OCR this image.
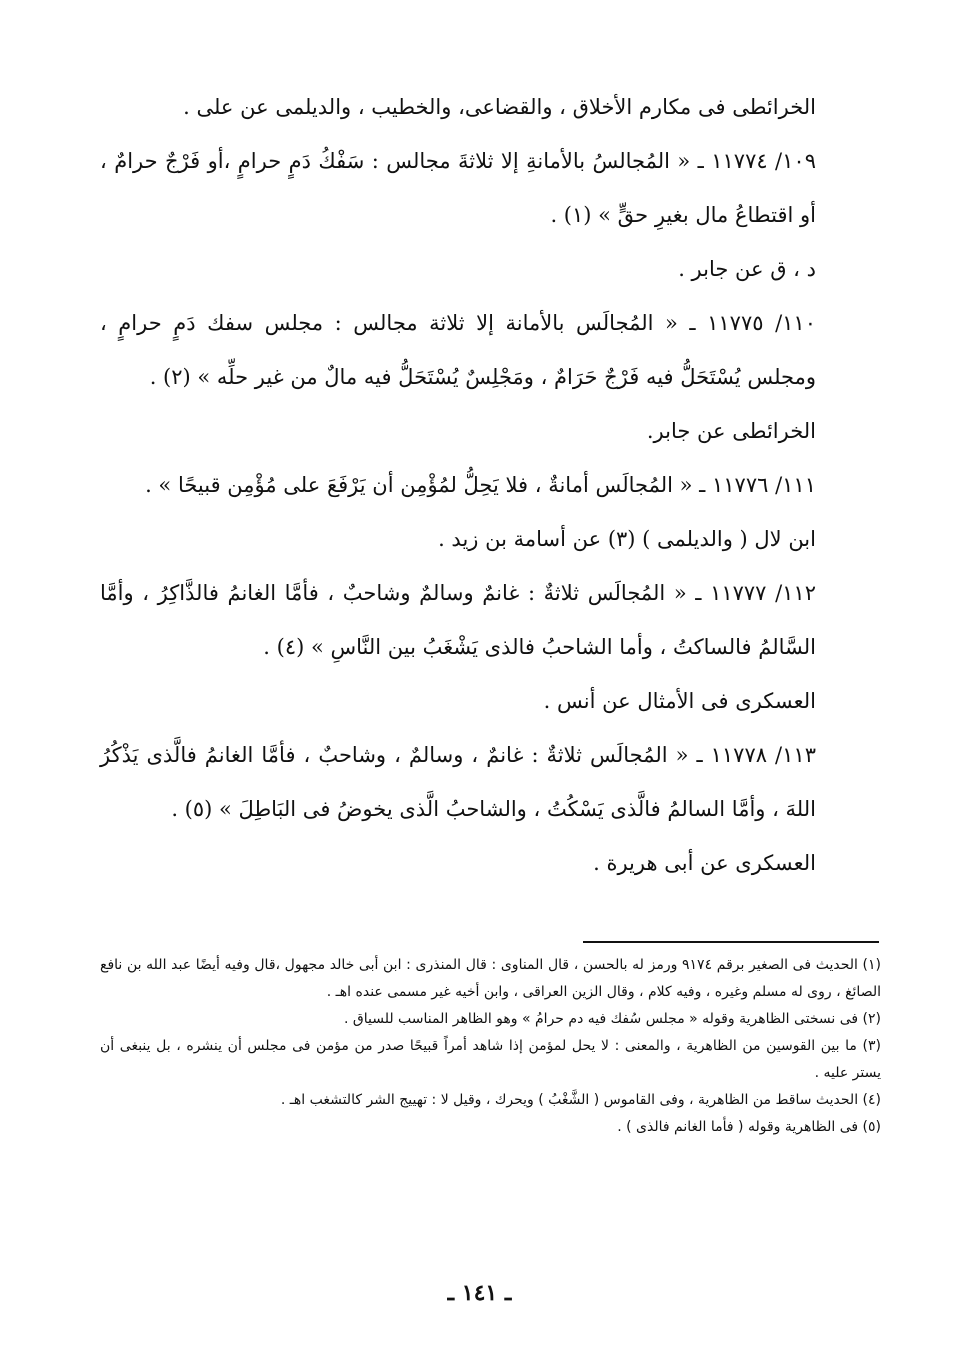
الخرائطى فى مكارم الأخلاق ، والقضاعى، والخطيب ، والديلمى عن على .

١٠٩/ ١١٧٧٤ ـ « المُجالسُ بالأمانةِ إلا ثلاثةَ مجالس : سَفْكُ دَمٍ حرامٍ ،أو فَرْجٌ حرامٌ ، أو اقتطاعُ مال بغيرِ حقٍّ » (١) .

د ، ق عن جابر .

١١٠/ ١١٧٧٥ ـ « المُجالَس بالأمانة إلا ثلاثة مجالس : مجلس سفك دَمٍ حرامٍ ، ومجلس يُسْتَحَلُّ فيه فَرْجٌ حَرَامٌ ، ومَجْلِسٌ يُسْتَحَلُّ فيه مالٌ من غير حلِّه » (٢) .

الخرائطى عن جابر.

١١١/ ١١٧٧٦ ـ « المُجالَس أمانةٌ ، فلا يَحِلُّ لمُؤْمِن أن يَرْفَعَ على مُؤْمِن قبيحًا » .

ابن لال ( والديلمى ) (٣) عن أسامة بن زيد .

١١٢/ ١١٧٧٧ ـ « المُجالَس ثلاثةٌ : غانمٌ وسالمٌ وشاحبٌ ، فأمَّا الغانمُ فالذَّاكِرُ ، وأمَّا السَّالمُ فالساكتُ ، وأما الشاحبُ فالذى يَشْغَبُ بين النَّاسِ » (٤) .

العسكرى فى الأمثال عن أنس .

١١٣/ ١١٧٧٨ ـ « المُجالَس ثلاثةٌ : غانمٌ ، وسالمٌ ، وشاحبٌ ، فأمَّا الغانمُ فالَّذى يَذْكُرُ اللهَ ، وأمَّا السالمُ فالَّذى يَسْكُتُ ، والشاحبُ الَّذى يخوضُ فى البَاطِلَ » (٥) .

العسكرى عن أبى هريرة .

(١) الحديث فى الصغير برقم ٩١٧٤ ورمز له بالحسن ، قال المناوى : قال المنذرى : ابن أبى خالد مجهول ،قال وفيه أيضًا عبد الله بن نافع الصائغ ، روى له مسلم وغيره ، وفيه كلام ، وقال الزين العراقى ، وابن أخيه غير مسمى عنده اهـ .

(٢) فى نسختى الظاهرية وقوله « مجلس سُفك فيه دم حرامُ » وهو الظاهر المناسب للسياق .

(٣) ما بين القوسين من الظاهرية ، والمعنى : لا يحل لمؤمن إذا شاهد أمراً قبيحًا صدر من مؤمن فى مجلس أن ينشره ، بل ينبغى أن يستر عليه .

(٤) الحديث ساقط من الظاهرية ، وفى القاموس ( الشَّغْبُ ) ويحرك ، وقيل لا : تهييج الشر كالتشغب اهـ .

(٥) فى الظاهرية وقوله ( فأما الغانم فالذى ) .

ـ ١٤١ ـ
